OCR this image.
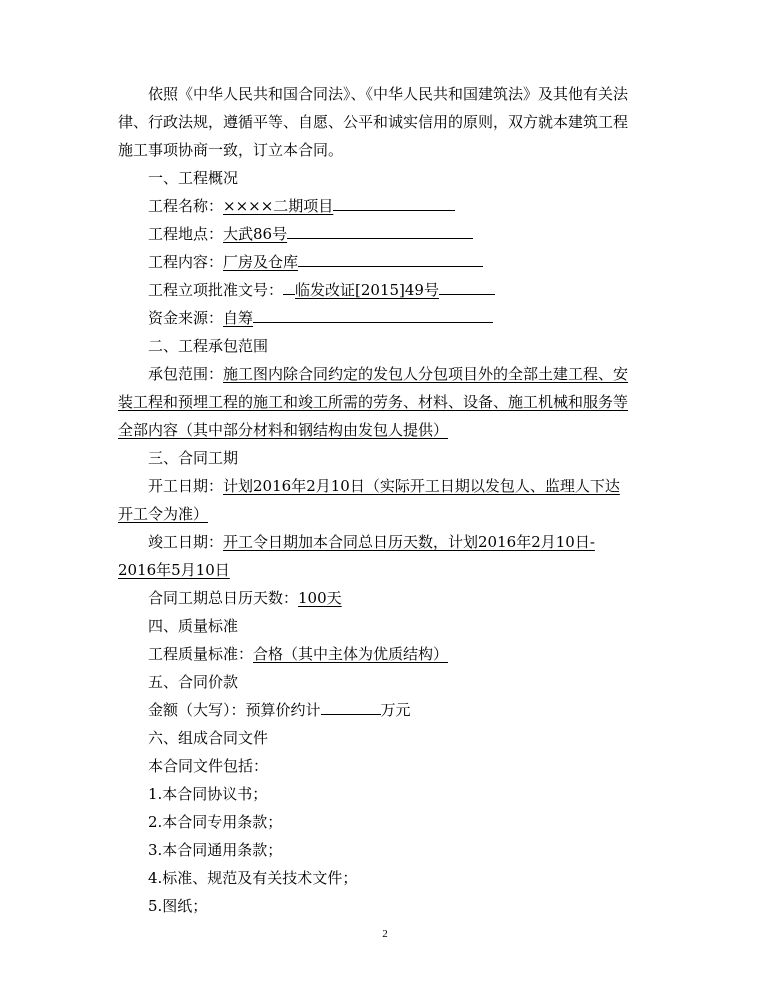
依照《中华人民共和国合同法》、《中华人民共和国建筑法》及其他有关法
律、行政法规，遵循平等、自愿、公平和诚实信用的原则，双方就本建筑工程
施工事项协商一致，订立本合同。
一、工程概况
工程名称：××××二期项目
工程地点：大武86号
工程内容：厂房及仓库
工程立项批准文号： 临发改证[2015]49号
资金来源：自筹
二、工程承包范围
承包范围：施工图内除合同约定的发包人分包项目外的全部土建工程、安
装工程和预埋工程的施工和竣工所需的劳务、材料、设备、施工机械和服务等
全部内容（其中部分材料和钢结构由发包人提供）
三、合同工期
开工日期：计划2016年2月10日（实际开工日期以发包人、监理人下达
开工令为准）
竣工日期：开工令日期加本合同总日历天数，计划2016年2月10日-
2016年5月10日
合同工期总日历天数：100天
四、质量标准
工程质量标准：合格（其中主体为优质结构）
五、合同价款
金额（大写）：预算价约计	万元
六、组成合同文件
本合同文件包括：
1.本合同协议书；
2.本合同专用条款；
3.本合同通用条款；
4.标准、规范及有关技术文件；
5.图纸；
2
